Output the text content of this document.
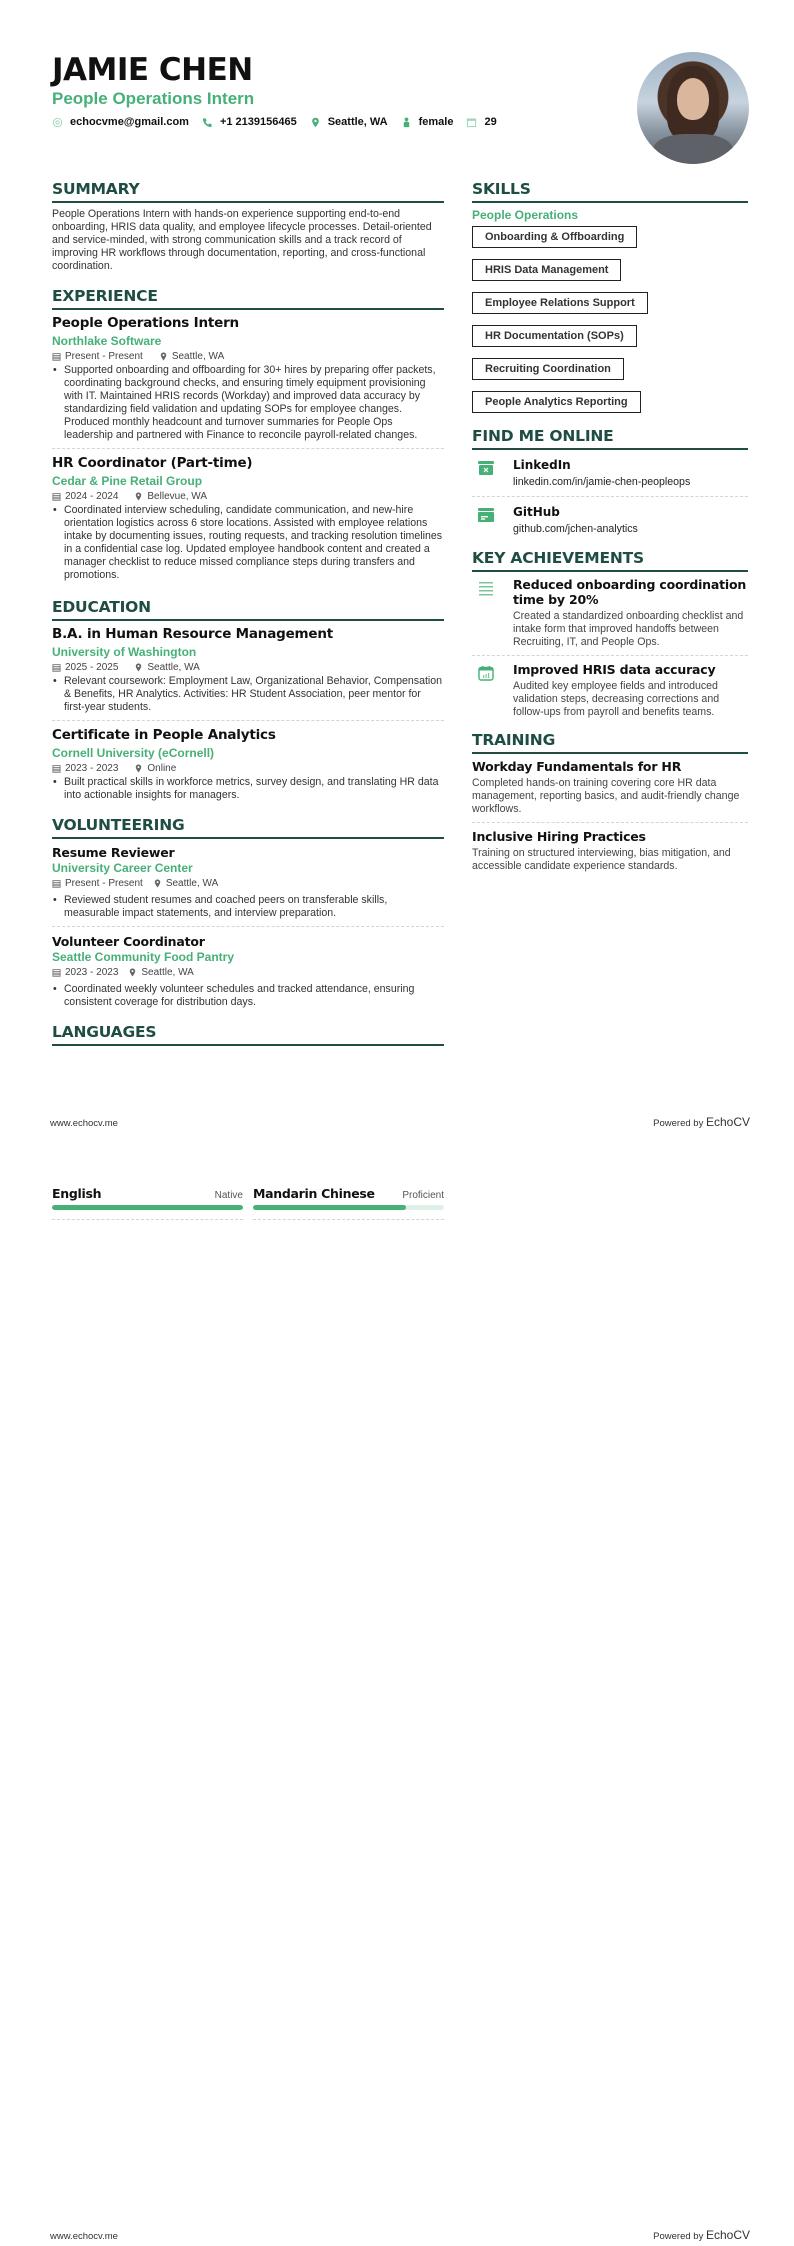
JAMIE CHEN
People Operations Intern
echocvme@gmail.com	+1 2139156465	Seattle, WA	female	29
SUMMARY

People Operations Intern with hands-on experience supporting end-to-end onboarding, HRIS data quality, and employee lifecycle processes. Detail-oriented and service-minded, with strong communication skills and a track record of improving HR workflows through documentation, reporting, and cross-functional coordination.

EXPERIENCE
People Operations Intern
Northlake Software
Present - Present	Seattle, WA
• Supported onboarding and offboarding for 30+ hires by preparing offer packets, coordinating background checks, and ensuring timely equipment provisioning with IT. Maintained HRIS records (Workday) and improved data accuracy by standardizing field validation and updating SOPs for employee changes. Produced monthly headcount and turnover summaries for People Ops leadership and partnered with Finance to reconcile payroll-related changes.
HR Coordinator (Part-time)
Cedar & Pine Retail Group
2024 - 2024	Bellevue, WA
• Coordinated interview scheduling, candidate communication, and new-hire orientation logistics across 6 store locations. Assisted with employee relations intake by documenting issues, routing requests, and tracking resolution timelines in a confidential case log. Updated employee handbook content and created a manager checklist to reduce missed compliance steps during transfers and promotions.
EDUCATION
B.A. in Human Resource Management
University of Washington
2025 - 2025	Seattle, WA
• Relevant coursework: Employment Law, Organizational Behavior, Compensation & Benefits, HR Analytics. Activities: HR Student Association, peer mentor for first-year students.
Certificate in People Analytics
Cornell University (eCornell)
2023 - 2023	Online
• Built practical skills in workforce metrics, survey design, and translating HR data into actionable insights for managers.
VOLUNTEERING
Resume Reviewer
University Career Center
Present - Present Seattle, WA
• Reviewed student resumes and coached peers on transferable skills, measurable impact statements, and interview preparation.
Volunteer Coordinator
Seattle Community Food Pantry
2023 - 2023 Seattle, WA
• Coordinated weekly volunteer schedules and tracked attendance, ensuring consistent coverage for distribution days.
LANGUAGES
SKILLS
People Operations
Onboarding & Offboarding
HRIS Data Management
Employee Relations Support
HR Documentation (SOPs)
Recruiting Coordination
People Analytics Reporting
FIND ME ONLINE
LinkedIn
linkedin.com/in/jamie-chen-peopleops
GitHub
github.com/jchen-analytics
KEY ACHIEVEMENTS
Reduced onboarding coordination time by 20%
Created a standardized onboarding checklist and intake form that improved handoffs between Recruiting, IT, and People Ops.
Improved HRIS data accuracy
Audited key employee fields and introduced validation steps, decreasing corrections and follow-ups from payroll and benefits teams.
TRAINING
Workday Fundamentals for HR
Completed hands-on training covering core HR data management, reporting basics, and audit-friendly change workflows.
Inclusive Hiring Practices
Training on structured interviewing, bias mitigation, and accessible candidate experience standards.
www.echocv.me	Powered by EchoCV
English	Native Mandarin Chinese	Proficient
www.echocv.me	Powered by EchoCV
